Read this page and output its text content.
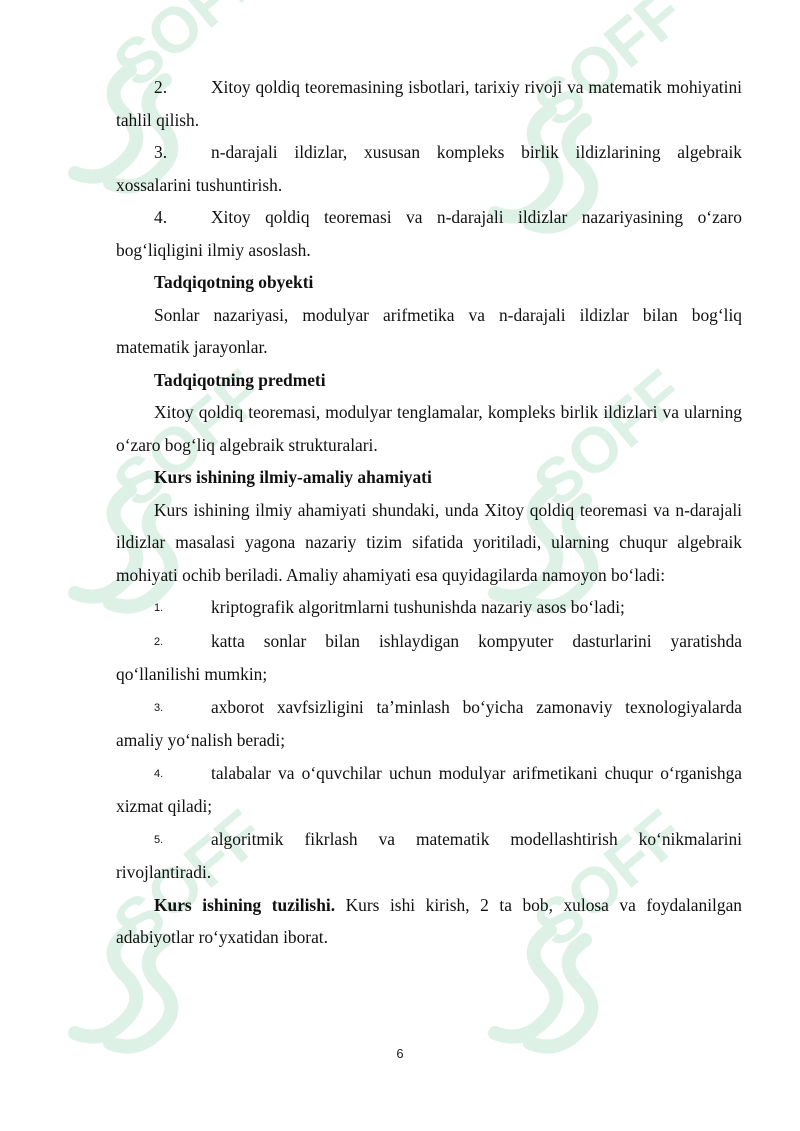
2.	Xitoy qoldiq teoremasining isbotlari, tarixiy rivoji va matematik mohiyatini tahlil qilish.

3.	n-darajali ildizlar, xususan kompleks birlik ildizlarining algebraik xossalarini tushuntirish.

4.	Xitoy qoldiq teoremasi va n-darajali ildizlar nazariyasining o‘zaro bog‘liqligini ilmiy asoslash.

Tadqiqotning obyekti

Sonlar nazariyasi, modulyar arifmetika va n-darajali ildizlar bilan bog‘liq matematik jarayonlar.

Tadqiqotning predmeti

Xitoy qoldiq teoremasi, modulyar tenglamalar, kompleks birlik ildizlari va ularning o‘zaro bog‘liq algebraik strukturalari.

Kurs ishining ilmiy-amaliy ahamiyati

Kurs ishining ilmiy ahamiyati shundaki, unda Xitoy qoldiq teoremasi va n-darajali ildizlar masalasi yagona nazariy tizim sifatida yoritiladi, ularning chuqur algebraik mohiyati ochib beriladi. Amaliy ahamiyati esa quyidagilarda namoyon bo‘ladi:

1.	kriptografik algoritmlarni tushunishda nazariy asos bo‘ladi;

2.	katta sonlar bilan ishlaydigan kompyuter dasturlarini yaratishda qo‘llanilishi mumkin;

3.	axborot xavfsizligini ta’minlash bo‘yicha zamonaviy texnologiyalarda amaliy yo‘nalish beradi;

4.	talabalar va o‘quvchilar uchun modulyar arifmetikani chuqur o‘rganishga xizmat qiladi;

5.	algoritmik fikrlash va matematik modellashtirish ko‘nikmalarini rivojlantiradi.

Kurs ishining tuzilishi. Kurs ishi kirish, 2 ta bob, xulosa va foydalanilgan adabiyotlar ro‘yxatidan iborat.

6
